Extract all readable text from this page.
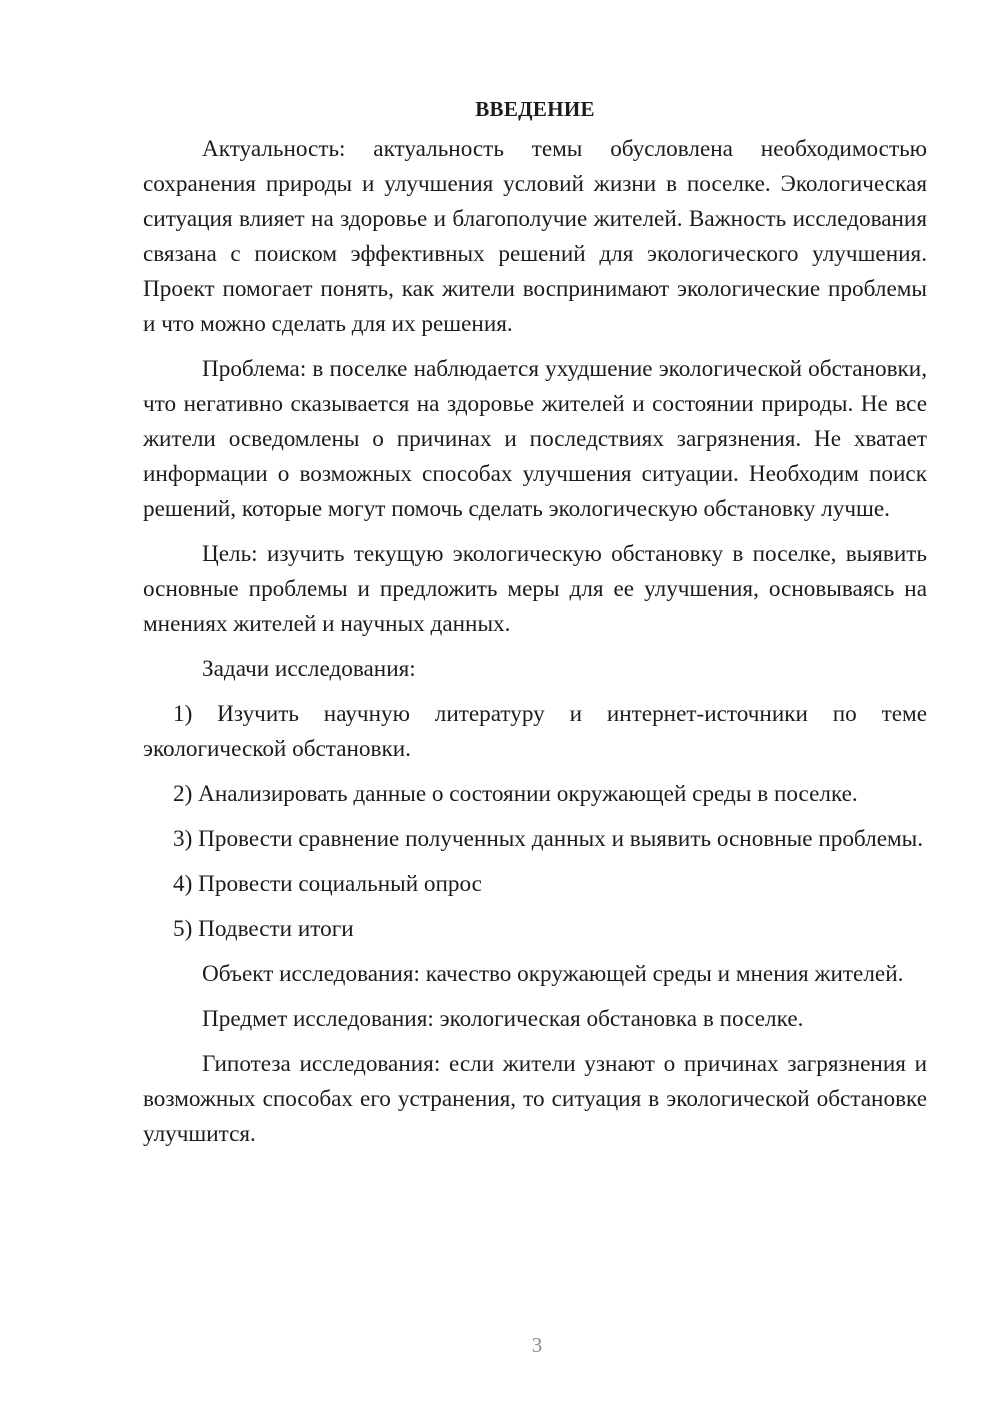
ВВЕДЕНИЕ

Актуальность: актуальность темы обусловлена необходимостью сохранения природы и улучшения условий жизни в поселке. Экологическая ситуация влияет на здоровье и благополучие жителей. Важность исследования связана с поиском эффективных решений для экологического улучшения. Проект помогает понять, как жители воспринимают экологические проблемы и что можно сделать для их решения.

Проблема: в поселке наблюдается ухудшение экологической обстановки, что негативно сказывается на здоровье жителей и состоянии природы. Не все жители осведомлены о причинах и последствиях загрязнения. Не хватает информации о возможных способах улучшения ситуации. Необходим поиск решений, которые могут помочь сделать экологическую обстановку лучше.

Цель: изучить текущую экологическую обстановку в поселке, выявить основные проблемы и предложить меры для ее улучшения, основываясь на мнениях жителей и научных данных.

Задачи исследования:

1) Изучить научную литературу и интернет-источники по теме экологической обстановки.

2) Анализировать данные о состоянии окружающей среды в поселке.

3) Провести сравнение полученных данных и выявить основные проблемы.

4) Провести социальный опрос

5) Подвести итоги

Объект исследования: качество окружающей среды и мнения жителей.

Предмет исследования: экологическая обстановка в поселке.

Гипотеза исследования: если жители узнают о причинах загрязнения и возможных способах его устранения, то ситуация в экологической обстановке улучшится.

3
